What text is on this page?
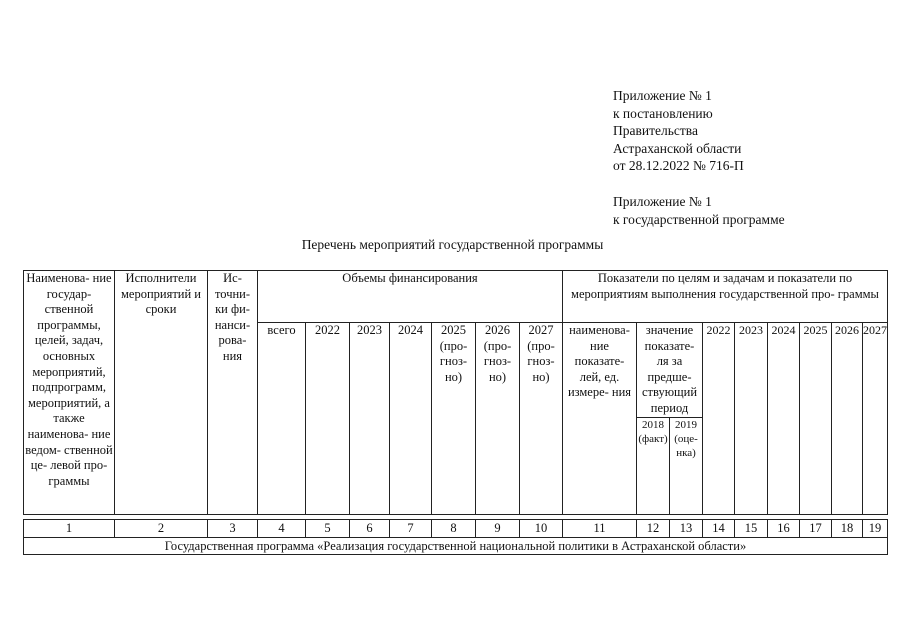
Приложение № 1
к постановлению
Правительства
Астраханской области
от 28.12.2022 № 716-П
Приложение № 1
к государственной программе
Перечень мероприятий государственной программы
Наименова- ние государ- ственной программы, целей, задач, основных мероприятий, подпрограмм, мероприятий, а также наименова- ние ведом- ственной це- левой про- граммы	Исполнители мероприятий и сроки	Ис- точни- ки фи- нанси- рова- ния	Объемы финансирования							Показатели по целям и задачам и показатели по мероприятиям выполнения государственной про- граммы								
			всего	2022	2023	2024	2025 (про- гноз- но)	2026 (про- гноз- но)	2027 (про- гноз- но)	наименова- ние показате- лей, ед. измере- ния	значение показате- ля за предше- ствующий период		2022	2023	2024	2025	2026	2027

											2018 (факт)	2019 (оце- нка)						

1	2	3	4	5	6	7	8	9	10	11	12	13	14	15	16	17	18	19
Государственная программа «Реализация государственной национальной политики в Астраханской области»																		
